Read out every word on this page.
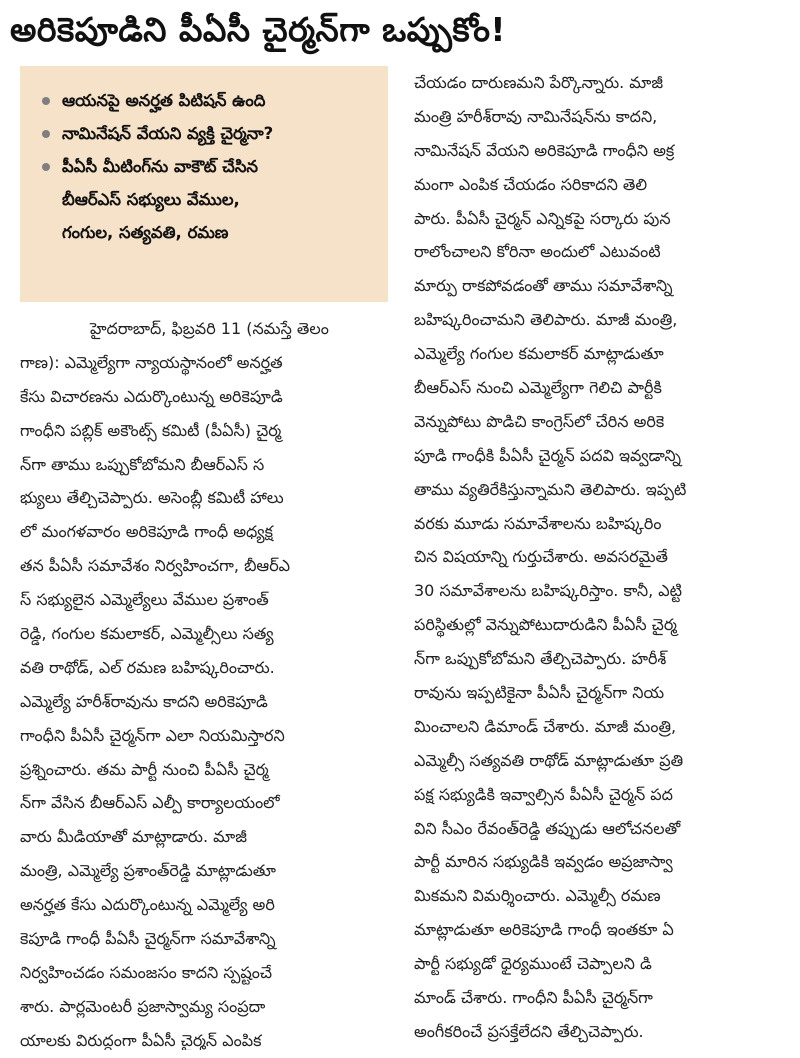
అరికెపూడిని పీఏసీ చైర్మన్‌గా ఒప్పుకోం!
ఆయనపై అనర్హత పిటిషన్ ఉంది
నామినేషన్ వేయని వ్యక్తి చైర్మనా?
పీఏసీ మీటింగ్‌ను వాకౌట్ చేసిన
బీఆర్‌ఎస్ సభ్యులు వేముల,
గంగుల, సత్యవతి, రమణ
హైదరాబాద్, ఫిబ్రవరి 11 (నమస్తే తెలం
గాణ): ఎమ్మెల్యేగా న్యాయస్థానంలో అనర్హత
కేసు విచారణను ఎదుర్కొంటున్న అరికెపూడి
గాంధీని పబ్లిక్ అకౌంట్స్ కమిటీ (పీఏసీ) చైర్మ
న్‌గా తాము ఒప్పుకోబోమని బీఆర్‌ఎస్ స
భ్యులు తేల్చిచెప్పారు. అసెంబ్లీ కమిటీ హాలు
లో మంగళవారం అరికెపూడి గాంధీ అధ్యక్ష
తన పీఏసీ సమావేశం నిర్వహించగా, బీఆర్‌ఎ
స్ సభ్యులైన ఎమ్మెల్యేలు వేముల ప్రశాంత్
రెడ్డి, గంగుల కమలాకర్, ఎమ్మెల్సీలు సత్య
వతి రాథోడ్, ఎల్ రమణ బహిష్కరించారు.
ఎమ్మెల్యే హరీశ్‌రావును కాదని అరికెపూడి
గాంధీని పీఏసీ చైర్మన్‌గా ఎలా నియమిస్తారని
ప్రశ్నించారు. తమ పార్టీ నుంచి పీఏసీ చైర్మ
న్‌గా వేసిన బీఆర్‌ఎస్ ఎల్పీ కార్యాలయంలో
వారు మీడియాతో మాట్లాడారు. మాజీ
మంత్రి, ఎమ్మెల్యే ప్రశాంత్‌రెడ్డి మాట్లాడుతూ
అనర్హత కేసు ఎదుర్కొంటున్న ఎమ్మెల్యే అరి
కెపూడి గాంధీ పీఏసీ చైర్మన్‌గా సమావేశాన్ని
నిర్వహించడం సమంజసం కాదని స్పష్టంచే
శారు. పార్లమెంటరీ ప్రజాస్వామ్య సంప్రదా
యాలకు విరుద్ధంగా పీఏసీ చైర్మన్ ఎంపిక
చేయడం దారుణమని పేర్కొన్నారు. మాజీ
మంత్రి హరీశ్‌రావు నామినేషన్‌ను కాదని,
నామినేషన్ వేయని అరికెపూడి గాంధీని అక్ర
మంగా ఎంపిక చేయడం సరికాదని తెలి
పారు. పీఏసీ చైర్మన్ ఎన్నికపై సర్కారు పున
రాలోంచాలని కోరినా అందులో ఎటువంటి
మార్పు రాకపోవడంతో తాము సమావేశాన్ని
బహిష్కరించామని తెలిపారు. మాజీ మంత్రి,
ఎమ్మెల్యే గంగుల కమలాకర్ మాట్లాడుతూ
బీఆర్‌ఎస్ నుంచి ఎమ్మెల్యేగా గెలిచి పార్టీకి
వెన్నుపోటు పొడిచి కాంగ్రెస్‌లో చేరిన అరికె
పూడి గాంధీకి పీఏసీ చైర్మన్ పదవి ఇవ్వడాన్ని
తాము వ్యతిరేకిస్తున్నామని తెలిపారు. ఇప్పటి
వరకు మూడు సమావేశాలను బహిష్కరిం
చిన విషయాన్ని గుర్తుచేశారు. అవసరమైతే
30 సమావేశాలను బహిష్కరిస్తాం. కానీ, ఎట్టి
పరిస్థితుల్లో వెన్నుపోటుదారుడిని పీఏసీ చైర్మ
న్‌గా ఒప్పుకోబోమని తేల్చిచెప్పారు. హరీశ్
రావును ఇప్పటికైనా పీఏసీ చైర్మన్‌గా నియ
మించాలని డిమాండ్ చేశారు. మాజీ మంత్రి,
ఎమ్మెల్సీ సత్యవతి రాథోడ్ మాట్లాడుతూ ప్రతి
పక్ష సభ్యుడికి ఇవ్వాల్సిన పీఏసీ చైర్మన్ పద
విని సీఎం రేవంత్‌రెడ్డి తప్పుడు ఆలోచనలతో
పార్టీ మారిన సభ్యుడికి ఇవ్వడం అప్రజాస్వా
మికమని విమర్శించారు. ఎమ్మెల్సీ రమణ
మాట్లాడుతూ అరికెపూడి గాంధీ ఇంతకూ ఏ
పార్టీ సభ్యుడో ధైర్యముంటే చెప్పాలని డి
మాండ్ చేశారు. గాంధీని పీఏసీ చైర్మన్‌గా
అంగీకరించే ప్రసక్తేలేదని తేల్చిచెప్పారు.
